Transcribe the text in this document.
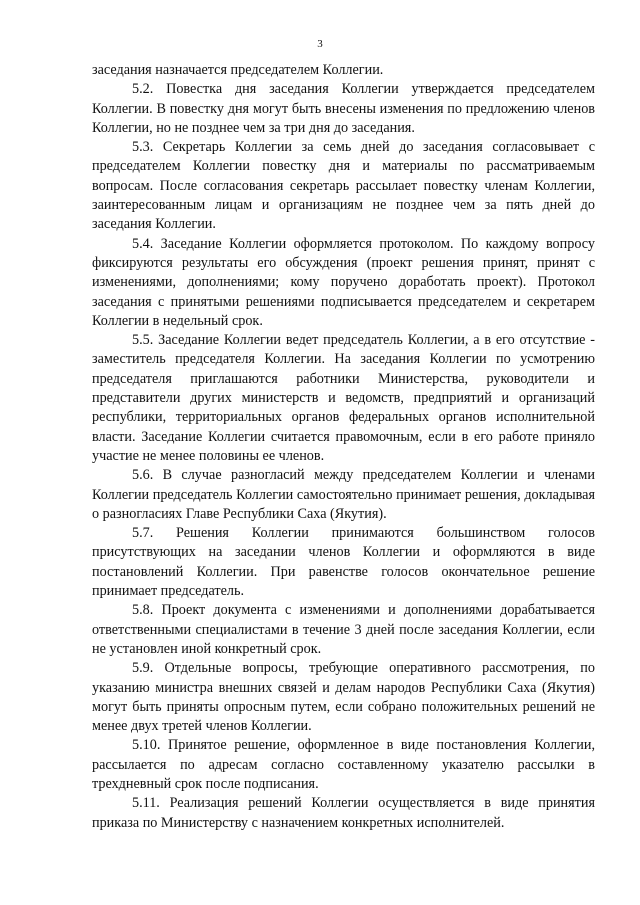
3

заседания назначается председателем Коллегии.

5.2. Повестка дня заседания Коллегии утверждается председателем Коллегии. В повестку дня могут быть внесены изменения по предложению членов Коллегии, но не позднее чем за три дня до заседания.

5.3. Секретарь Коллегии за семь дней до заседания согласовывает с председателем Коллегии повестку дня и материалы по рассматриваемым вопросам. После согласования секретарь рассылает повестку членам Коллегии, заинтересованным лицам и организациям не позднее чем за пять дней до заседания Коллегии.

5.4. Заседание Коллегии оформляется протоколом. По каждому вопросу фиксируются результаты его обсуждения (проект решения принят, принят с изменениями, дополнениями; кому поручено доработать проект). Протокол заседания с принятыми решениями подписывается председателем и секретарем Коллегии в недельный срок.

5.5. Заседание Коллегии ведет председатель Коллегии, а в его отсутствие - заместитель председателя Коллегии. На заседания Коллегии по усмотрению председателя приглашаются работники Министерства, руководители и представители других министерств и ведомств, предприятий и организаций республики, территориальных органов федеральных органов исполнительной власти. Заседание Коллегии считается правомочным, если в его работе приняло участие не менее половины ее членов.

5.6. В случае разногласий между председателем Коллегии и членами Коллегии председатель Коллегии самостоятельно принимает решения, докладывая о разногласиях Главе Республики Саха (Якутия).

5.7. Решения Коллегии принимаются большинством голосов присутствующих на заседании членов Коллегии и оформляются в виде постановлений Коллегии. При равенстве голосов окончательное решение принимает председатель.

5.8. Проект документа с изменениями и дополнениями дорабатывается ответственными специалистами в течение 3 дней после заседания Коллегии, если не установлен иной конкретный срок.

5.9. Отдельные вопросы, требующие оперативного рассмотрения, по указанию министра внешних связей и делам народов Республики Саха (Якутия) могут быть приняты опросным путем, если собрано положительных решений не менее двух третей членов Коллегии.

5.10. Принятое решение, оформленное в виде постановления Коллегии, рассылается по адресам согласно составленному указателю рассылки в трехдневный срок после подписания.

5.11. Реализация решений Коллегии осуществляется в виде принятия приказа по Министерству с назначением конкретных исполнителей.
